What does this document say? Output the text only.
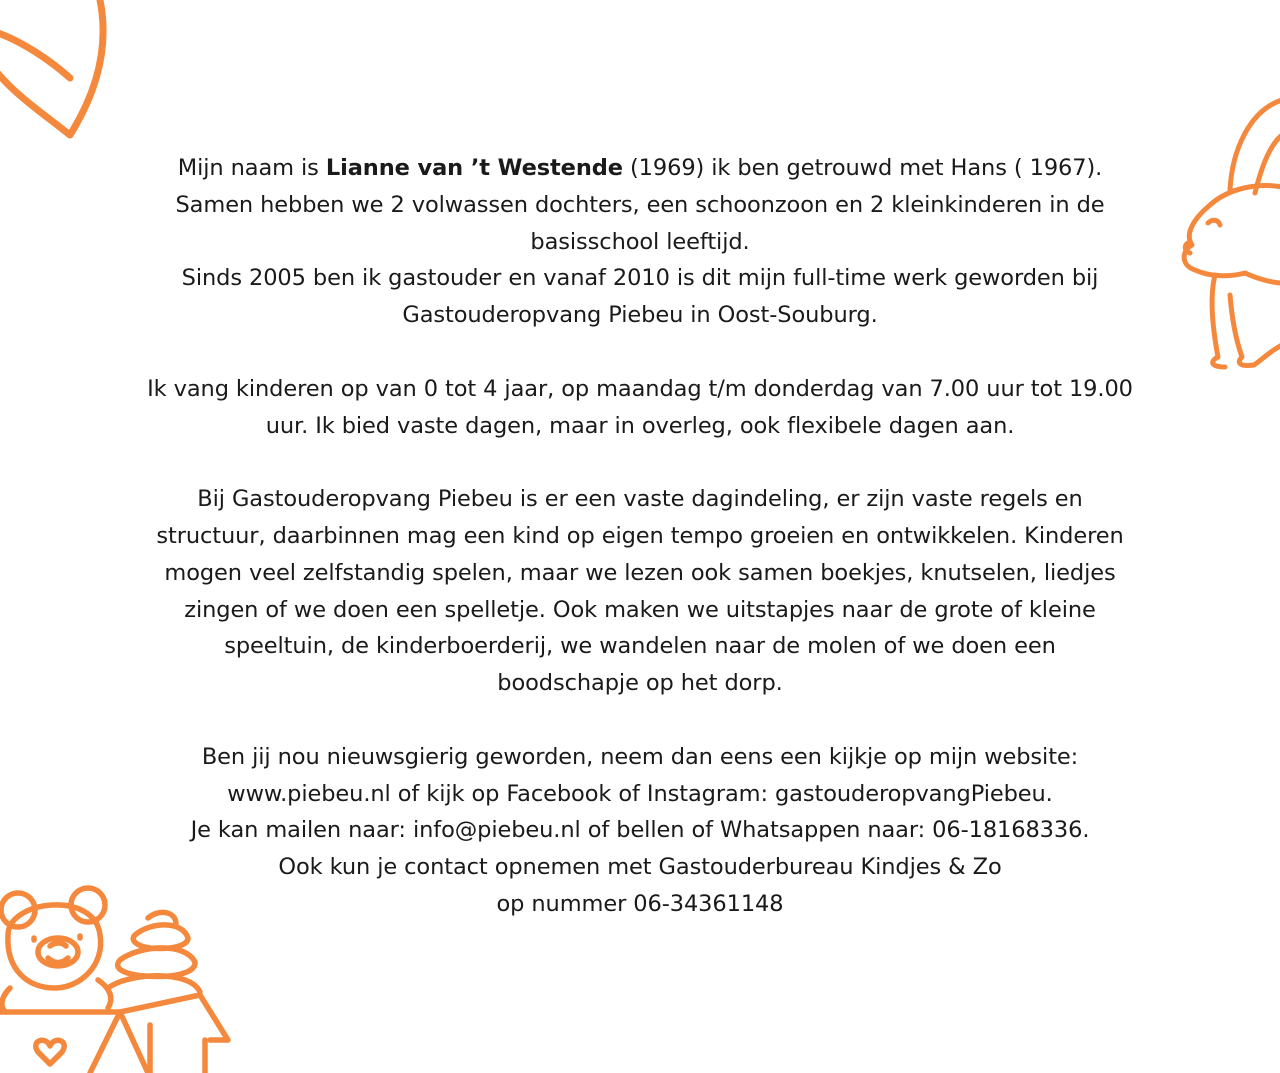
Mijn naam is Lianne van ’t Westende (1969) ik ben getrouwd met Hans ( 1967).
Samen hebben we 2 volwassen dochters, een schoonzoon en 2 kleinkinderen in de
basisschool leeftijd.
Sinds 2005 ben ik gastouder en vanaf 2010 is dit mijn full-time werk geworden bij
Gastouderopvang Piebeu in Oost-Souburg.

Ik vang kinderen op van 0 tot 4 jaar, op maandag t/m donderdag van 7.00 uur tot 19.00
uur. Ik bied vaste dagen, maar in overleg, ook flexibele dagen aan.

Bij Gastouderopvang Piebeu is er een vaste dagindeling, er zijn vaste regels en
structuur, daarbinnen mag een kind op eigen tempo groeien en ontwikkelen. Kinderen
mogen veel zelfstandig spelen, maar we lezen ook samen boekjes, knutselen, liedjes
zingen of we doen een spelletje. Ook maken we uitstapjes naar de grote of kleine
speeltuin, de kinderboerderij, we wandelen naar de molen of we doen een
boodschapje op het dorp.

Ben jij nou nieuwsgierig geworden, neem dan eens een kijkje op mijn website:
www.piebeu.nl of kijk op Facebook of Instagram: gastouderopvangPiebeu.
Je kan mailen naar: info@piebeu.nl of bellen of Whatsappen naar: 06-18168336.
Ook kun je contact opnemen met Gastouderbureau Kindjes & Zo
op nummer 06-34361148
